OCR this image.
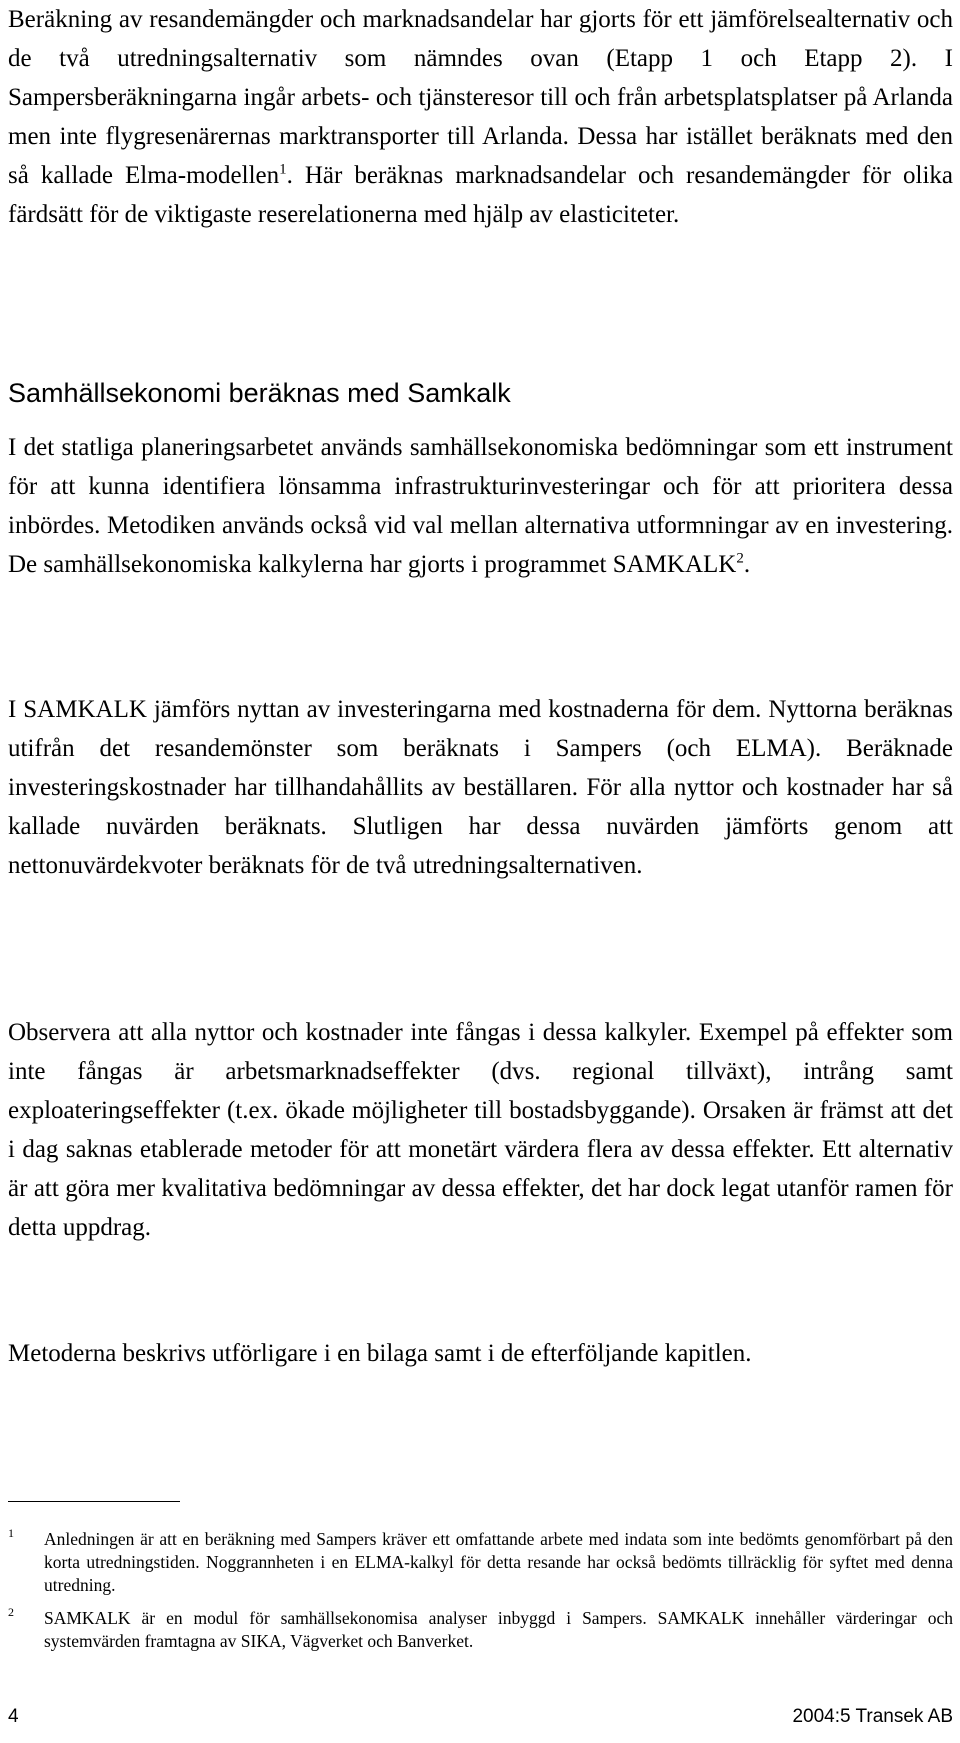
Beräkning av resandemängder och marknadsandelar har gjorts för ett jämförelsealternativ och de två utredningsalternativ som nämndes ovan (Etapp 1 och Etapp 2). I Sampersberäkningarna ingår arbets- och tjänsteresor till och från arbetsplatsplatser på Arlanda men inte flygresenärernas marktransporter till Arlanda. Dessa har istället beräknats med den så kallade Elma-modellen$^1$. Här beräknas marknadsandelar och resandemängder för olika färdsätt för de viktigaste reserelationerna med hjälp av elasticiteter.

Samhällsekonomi beräknas med Samkalk

I det statliga planeringsarbetet används samhällsekonomiska bedömningar som ett instrument för att kunna identifiera lönsamma infrastrukturinvesteringar och för att prioritera dessa inbördes. Metodiken används också vid val mellan alternativa utformningar av en investering. De samhällsekonomiska kalkylerna har gjorts i programmet SAMKALK$^2$.

I SAMKALK jämförs nyttan av investeringarna med kostnaderna för dem. Nyttorna beräknas utifrån det resandemönster som beräknats i Sampers (och ELMA). Beräknade investeringskostnader har tillhandahållits av beställaren. För alla nyttor och kostnader har så kallade nuvärden beräknats. Slutligen har dessa nuvärden jämförts genom att nettonuvärdekvoter beräknats för de två utredningsalternativen.

Observera att alla nyttor och kostnader inte fångas i dessa kalkyler. Exempel på effekter som inte fångas är arbetsmarknadseffekter (dvs. regional tillväxt), intrång samt exploateringseffekter (t.ex. ökade möjligheter till bostadsbyggande). Orsaken är främst att det i dag saknas etablerade metoder för att monetärt värdera flera av dessa effekter. Ett alternativ är att göra mer kvalitativa bedömningar av dessa effekter, det har dock legat utanför ramen för detta uppdrag.

Metoderna beskrivs utförligare i en bilaga samt i de efterföljande kapitlen.

1	Anledningen är att en beräkning med Sampers kräver ett omfattande arbete med indata som inte bedömts genomförbart på den korta utredningstiden. Noggrannheten i en ELMA-kalkyl för detta resande har också bedömts tillräcklig för syftet med denna utredning.
2	SAMKALK är en modul för samhällsekonomisa analyser inbyggd i Sampers. SAMKALK innehåller värderingar och systemvärden framtagna av SIKA, Vägverket och Banverket.
4	2004:5 Transek AB
